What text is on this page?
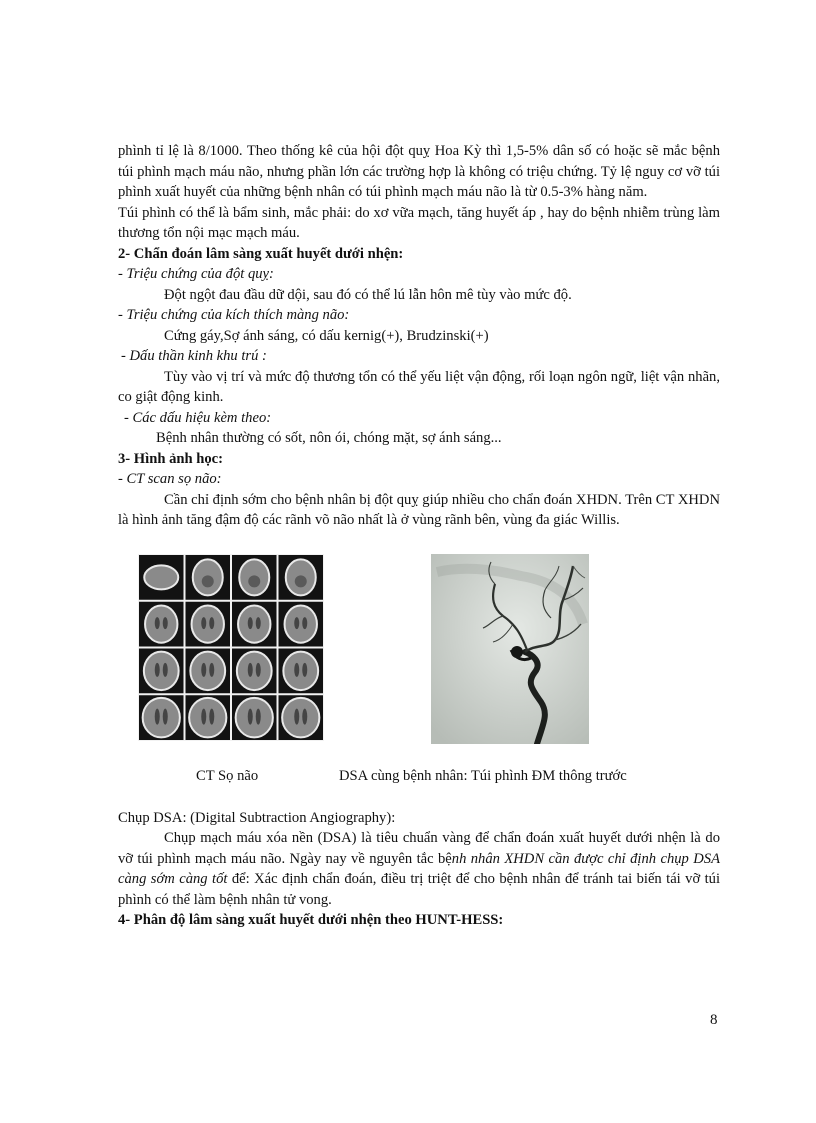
phình tỉ lệ là 8/1000. Theo thống kê của hội đột quỵ Hoa Kỳ thì 1,5-5% dân số có hoặc sẽ mắc bệnh túi phình mạch máu não, nhưng phần lớn các trường hợp là không có triệu chứng. Tỷ lệ nguy cơ vỡ túi phình xuất huyết của những bệnh nhân có túi phình mạch máu não là từ 0.5-3% hàng năm.

Túi phình có thể là bẩm sinh, mắc phải: do xơ vữa mạch, tăng huyết áp , hay do bệnh nhiễm trùng làm thương tổn nội mạc mạch máu.

2- Chẩn đoán lâm sàng xuất huyết dưới nhện:

- Triệu chứng của đột quỵ:

Đột ngột đau đầu dữ dội, sau đó có thể lú lẫn hôn mê tùy vào mức độ.

- Triệu chứng của kích thích màng não:

Cứng gáy,Sợ ánh sáng, có dấu kernig(+), Brudzinski(+)

- Dấu thần kinh khu trú :

Tùy vào vị trí và mức độ thương tổn có thể yếu liệt vận động, rối loạn ngôn ngữ, liệt vận nhãn, co giật động kinh.

- Các dấu hiệu kèm theo:

Bệnh nhân thường có sốt, nôn ói, chóng mặt, sợ ánh sáng...

3- Hình ảnh học:

- CT scan sọ não:

Cần chỉ định sớm cho bệnh nhân bị đột quỵ giúp nhiều cho chẩn đoán XHDN. Trên CT XHDN là hình ảnh tăng đậm độ các rãnh võ não nhất là ở vùng rãnh bên, vùng đa giác Willis.

CT Sọ não	DSA cùng bệnh nhân: Túi phình ĐM thông trước

Chụp DSA: (Digital Subtraction Angiography):

Chụp mạch máu xóa nền (DSA) là tiêu chuẩn vàng để chẩn đoán xuất huyết dưới nhện là do vỡ túi phình mạch máu não. Ngày nay về nguyên tắc bệnh nhân XHDN cần được chỉ định chụp DSA càng sớm càng tốt để: Xác định chẩn đoán, điều trị triệt để cho bệnh nhân để tránh tai biến tái vỡ túi phình có thể làm bệnh nhân tử vong.

4- Phân độ lâm sàng xuất huyết dưới nhện theo HUNT-HESS:

8
